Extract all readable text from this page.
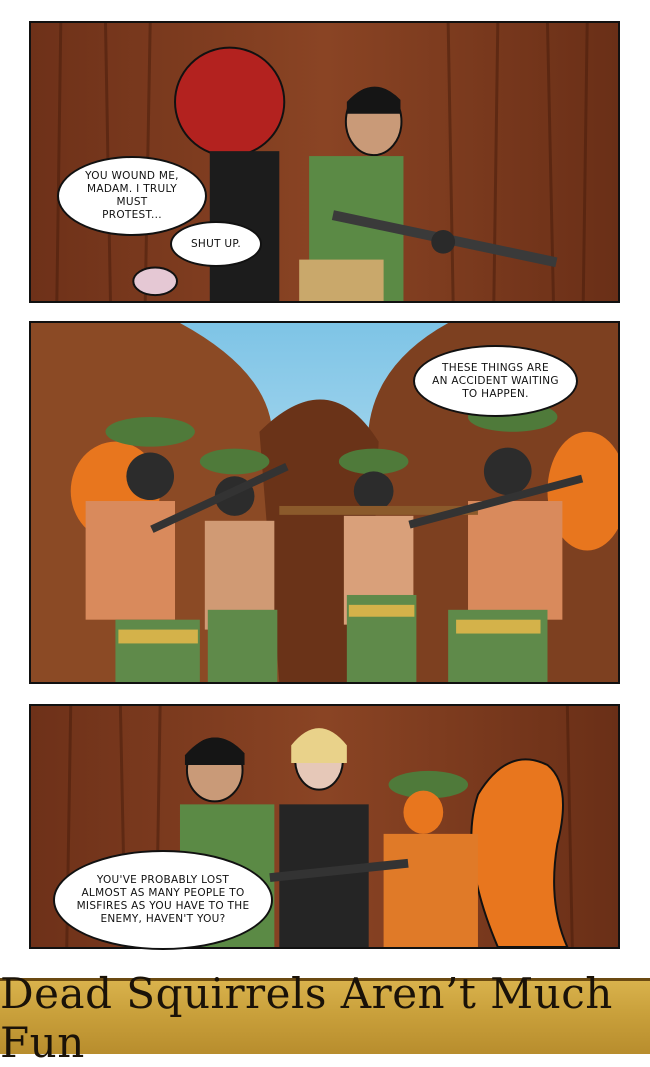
YOU WOUND ME,
MADAM. I TRULY MUST
PROTEST...
SHUT UP.
THESE THINGS ARE
AN ACCIDENT WAITING
TO HAPPEN.
YOU'VE PROBABLY LOST
ALMOST AS MANY PEOPLE TO
MISFIRES AS YOU HAVE TO THE
ENEMY, HAVEN'T YOU?
Dead Squirrels Aren’t Much Fun
